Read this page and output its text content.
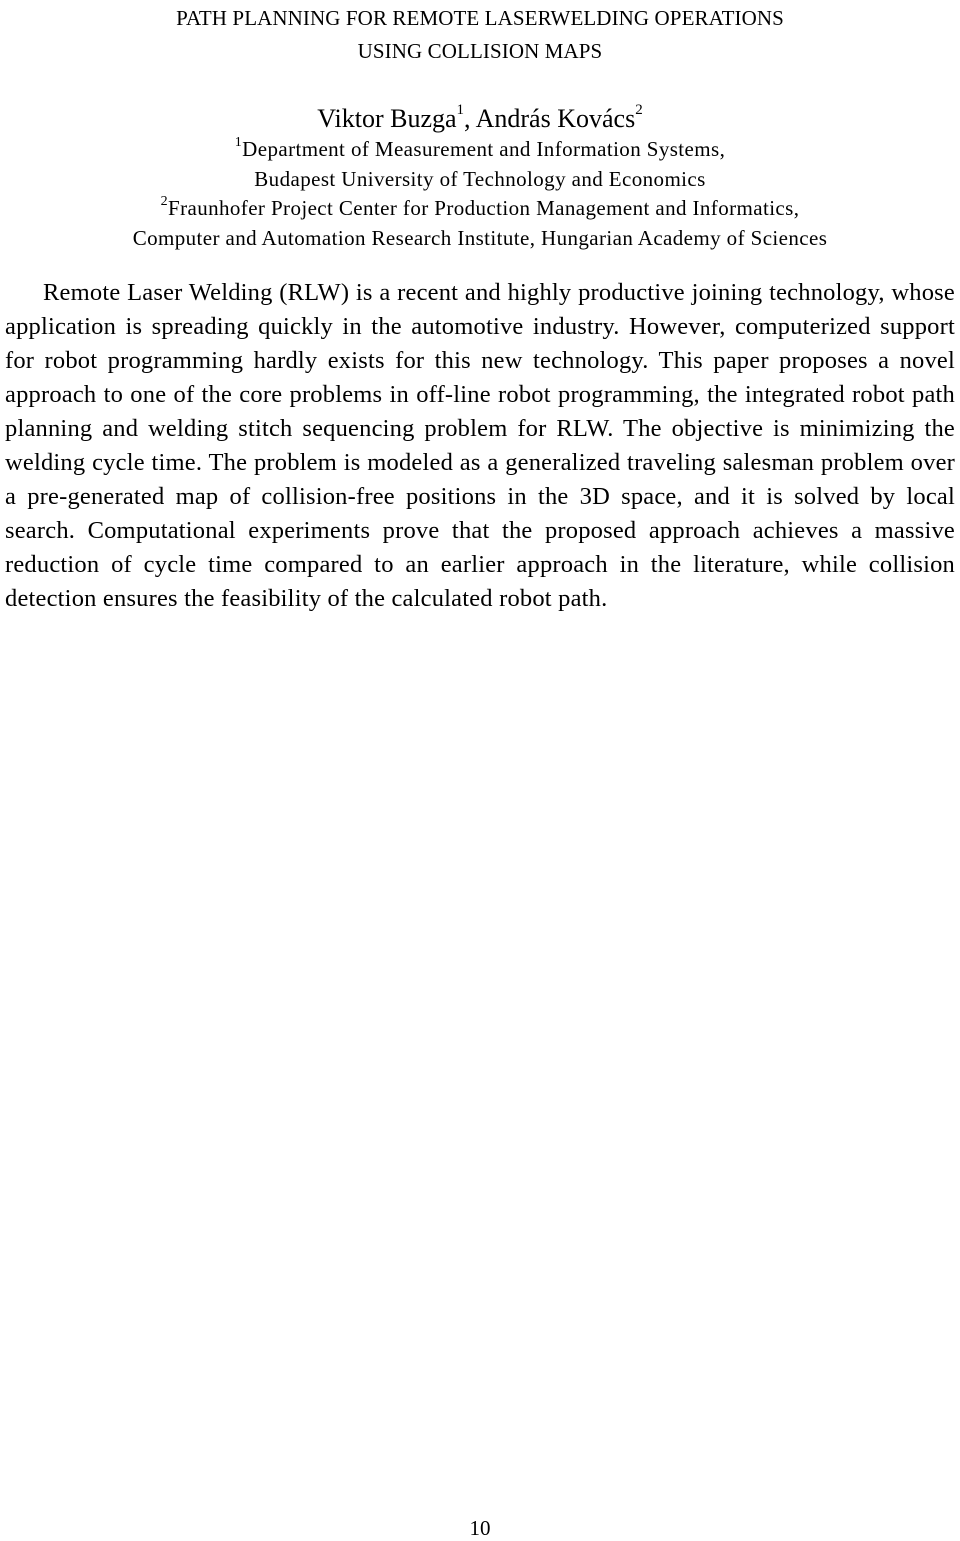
PATH PLANNING FOR REMOTE LASERWELDING OPERATIONS
USING COLLISION MAPS
Viktor Buzga$^1$, András Kovács$^2$
$^1$Department of Measurement and Information Systems,
Budapest University of Technology and Economics
$^2$Fraunhofer Project Center for Production Management and Informatics,
Computer and Automation Research Institute, Hungarian Academy of Sciences

Remote Laser Welding (RLW) is a recent and highly productive joining technology, whose application is spreading quickly in the automotive industry. However, computerized support for robot programming hardly exists for this new technology. This paper proposes a novel approach to one of the core problems in off-line robot programming, the integrated robot path planning and welding stitch sequencing problem for RLW. The objective is minimizing the welding cycle time. The problem is modeled as a generalized traveling salesman problem over a pre-generated map of collision-free positions in the 3D space, and it is solved by local search. Computational experiments prove that the proposed approach achieves a massive reduction of cycle time compared to an earlier approach in the literature, while collision detection ensures the feasibility of the calculated robot path.

10
